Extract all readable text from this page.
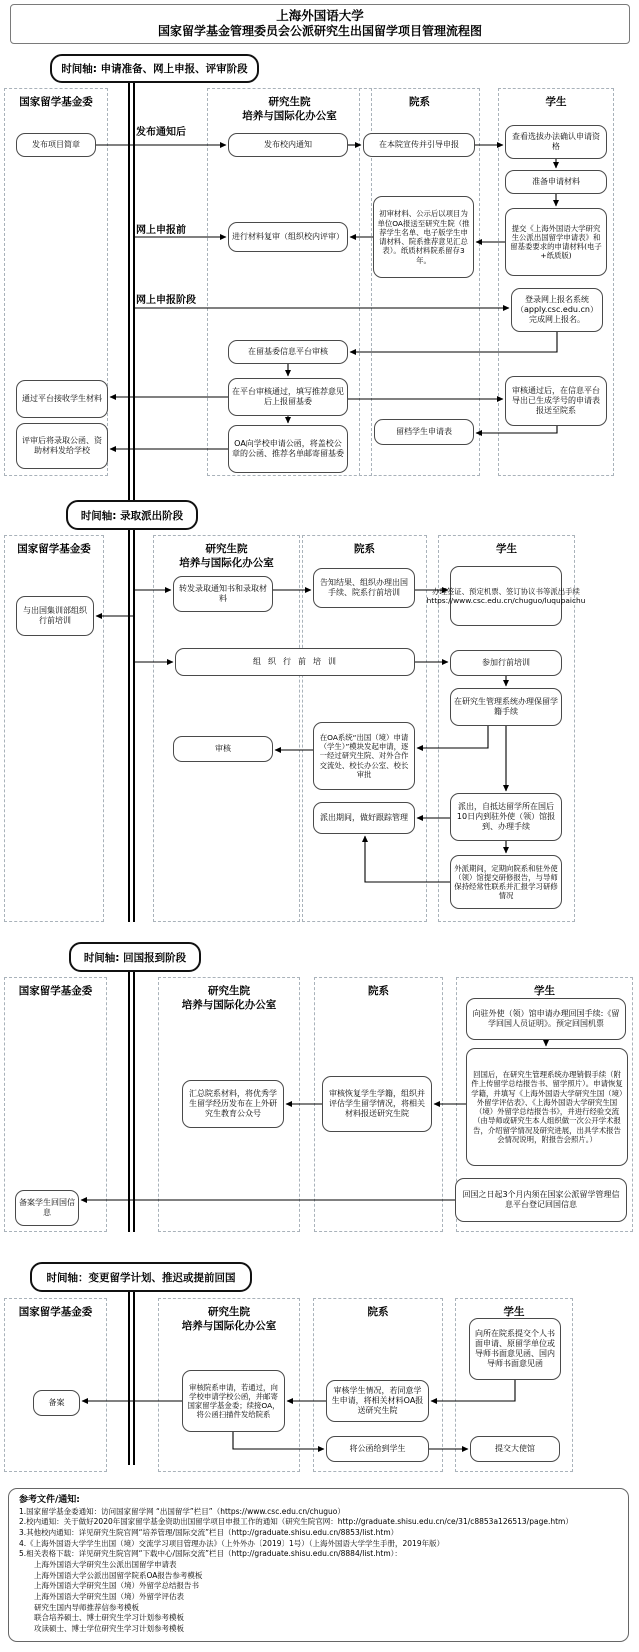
上海外国语大学
国家留学基金管理委员会公派研究生出国留学项目管理流程图
时间轴: 申请准备、网上申报、评审阶段
国家留学基金委	研究生院
培养与国际化办公室
院系	学生
发布通知后
网上申报前
网上申报阶段
发布项目简章
通过平台接收学生材料
评审后将录取公函、资助材料发给学校
发布校内通知
进行材料复审（组织校内评审）
在留基委信息平台审核
在平台审核通过，填写推荐意见后上报留基委
OA向学校申请公函，将盖校公章的公函、推荐名单邮寄留基委
在本院宣传并引导申报
初审材料、公示后以项目为单位OA报送至研究生院（推荐学生名单、电子版学生申请材料、院系推荐意见汇总表）。纸质材料院系留存3年。
留档学生申请表
查看选拔办法确认申请资格
准备申请材料
提交《上海外国语大学研究生公派出国留学申请表》和留基委要求的申请材料(电子+纸质版)
登录网上报名系统（apply.csc.edu.cn）完成网上报名。
审核通过后，在信息平台导出已生成学号的申请表报送至院系
时间轴: 录取派出阶段
国家留学基金委	研究生院
培养与国际化办公室
院系	学生
与出国集训部组织行前培训
转发录取通知书和录取材料
审核
组织行前培训
告知结果、组织办理出国手续、院系行前培训
在OA系统“出国（境）申请（学生）”模块发起申请，逐一经过研究生院、对外合作交流处、校长办公室、校长审批
派出期间，做好跟踪管理
办理签证、预定机票、签订协议书等派出手续 https://www.csc.edu.cn/chuguo/luqupaichu
参加行前培训
在研究生管理系统办理保留学籍手续
派出，自抵达留学所在国后10日内到驻外使（领）馆报到、办理手续
外派期间，定期向院系和驻外使（领）馆提交研修报告，与导师保持经常性联系并汇报学习研修情况
时间轴: 回国报到阶段
国家留学基金委	研究生院
培养与国际化办公室
院系	学生
备案学生回国信息
汇总院系材料，将优秀学生留学经历发布在上外研究生教育公众号
审核恢复学生学籍，组织并评估学生留学情况，将相关材料报送研究生院
向驻外使（领）馆申请办理回国手续:《留学回国人员证明》。预定回国机票
回国后，在研究生管理系统办理销假手续（附件上传留学总结报告书、留学照片）。申请恢复学籍，并填写《上海外国语大学研究生国（境）外留学评估表》、《上海外国语大学研究生国（境）外留学总结报告书》，并进行经验交流（由导师或研究生本人组织做一次公开学术报告，介绍留学情况及研究进展，出具学术报告会情况说明，附报告会照片。）
回国之日起3个月内须在国家公派留学管理信息平台登记回国信息
时间轴：变更留学计划、推迟或提前回国
国家留学基金委	研究生院
培养与国际化办公室
院系	学生
备案
审核院系申请，若通过，向学校申请学校公函，并邮寄国家留学基金委；续接OA，将公函扫描件发给院系
审核学生情况，若同意学生申请，将相关材料OA报送研究生院
将公函给到学生
向所在院系提交个人书面申请、原留学单位或导师书面意见函、国内导师书面意见函
提交大使馆
参考文件/通知:
1.国家留学基金委通知：访问国家留学网 “出国留学”栏目”（https://www.csc.edu.cn/chuguo）
2.校内通知：关于做好2020年国家留学基金资助出国留学项目申报工作的通知（研究生院官网：http://graduate.shisu.edu.cn/ce/31/c8853a126513/page.htm）
3.其他校内通知：详见研究生院官网“培养管理/国际交流”栏目（http://graduate.shisu.edu.cn/8853/list.htm）
4.《上海外国语大学学生出国（境）交流学习项目管理办法》（上外外办〔2019〕1号）（上海外国语大学学生手册，2019年版）
5.相关表格下载：详见研究生院官网“下载中心/国际交流”栏目（http://graduate.shisu.edu.cn/8884/list.htm）：
上海外国语大学研究生公派出国留学申请表
上海外国语大学公派出国留学院系OA报告参考模板
上海外国语大学研究生国（境）外留学总结报告书
上海外国语大学研究生国（境）外留学评估表
研究生国内导师推荐信参考模板
联合培养硕士、博士研究生学习计划参考模板
攻读硕士、博士学位研究生学习计划参考模板
